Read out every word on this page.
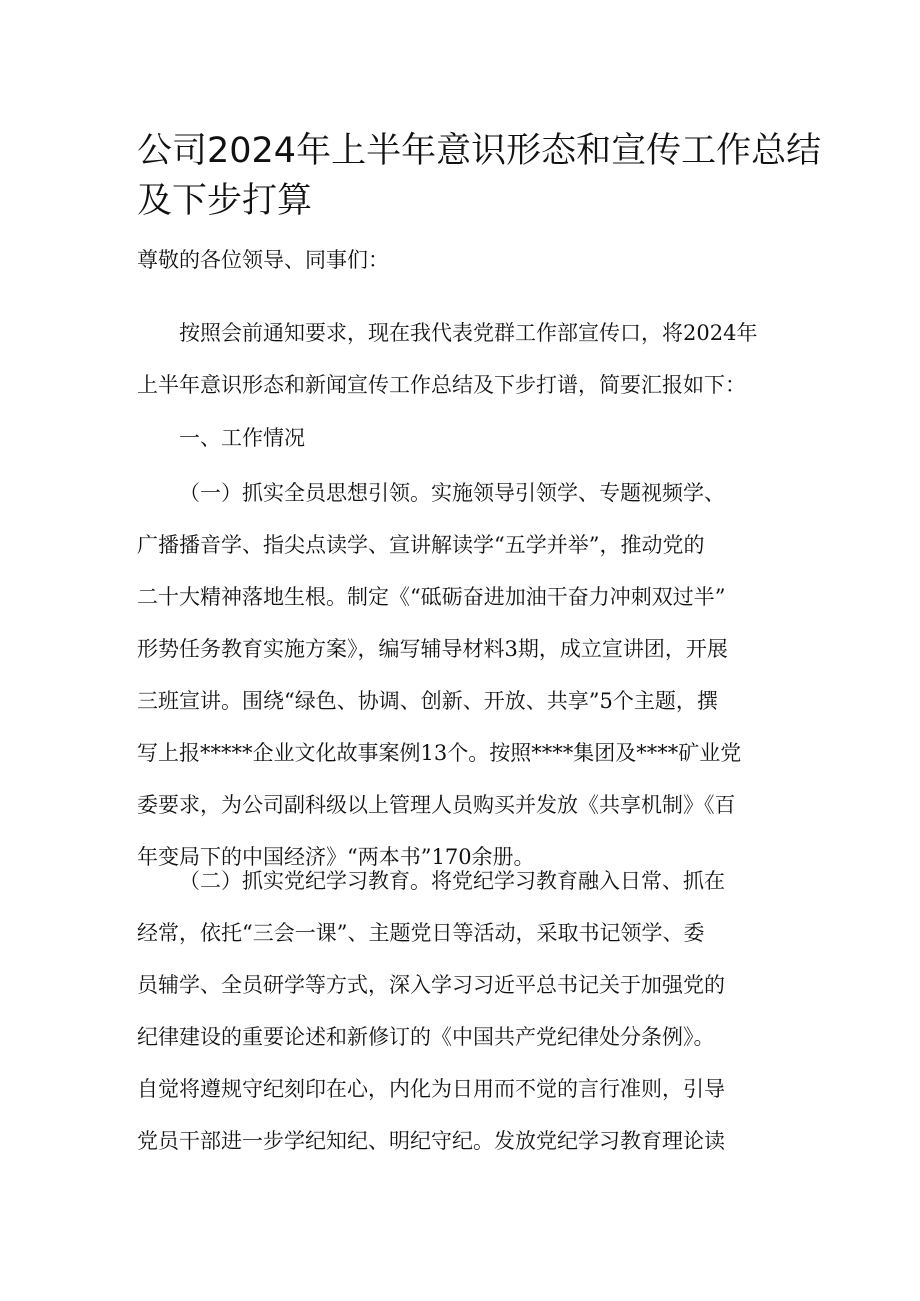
公司2024年上半年意识形态和宣传工作总结
及下步打算
尊敬的各位领导、同事们：
按照会前通知要求，现在我代表党群工作部宣传口，将2024年
上半年意识形态和新闻宣传工作总结及下步打谱，简要汇报如下：
一、工作情况
（一）抓实全员思想引领。实施领导引领学、专题视频学、
广播播音学、指尖点读学、宣讲解读学“五学并举”，推动党的
二十大精神落地生根。制定《“砥砺奋进加油干奋力冲刺双过半”
形势任务教育实施方案》，编写辅导材料3期，成立宣讲团，开展
三班宣讲。围绕“绿色、协调、创新、开放、共享”5个主题，撰
写上报*****企业文化故事案例13个。按照****集团及****矿业党
委要求，为公司副科级以上管理人员购买并发放《共享机制》《百
年变局下的中国经济》“两本书”170余册。
（二）抓实党纪学习教育。将党纪学习教育融入日常、抓在
经常，依托“三会一课”、主题党日等活动，采取书记领学、委
员辅学、全员研学等方式，深入学习习近平总书记关于加强党的
纪律建设的重要论述和新修订的《中国共产党纪律处分条例》。
自觉将遵规守纪刻印在心，内化为日用而不觉的言行准则，引导
党员干部进一步学纪知纪、明纪守纪。发放党纪学习教育理论读
